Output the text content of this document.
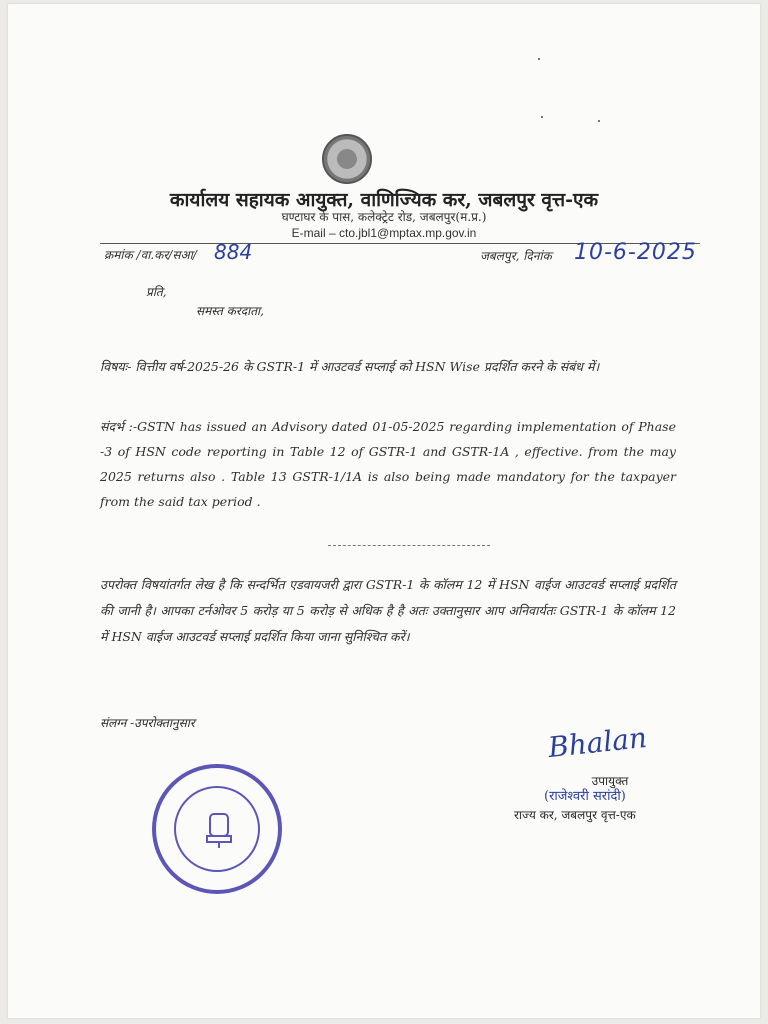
कार्यालय सहायक आयुक्त, वाणिज्यिक कर, जबलपुर वृत्त-एक
घण्टाघर के पास, कलेक्ट्रेट रोड, जबलपुर(म.प्र.)
E-mail – cto.jbl1@mptax.mp.gov.in
क्रमांक /वा.कर/सआ/ 884	जबलपुर, दिनांक 10-6-2025
प्रति,
समस्त करदाता,
विषयः- वित्तीय वर्ष-2025-26 के GSTR-1 में आउटवर्ड सप्लाई को HSN Wise प्रदर्शित करने के संबंध में।
संदर्भ :-GSTN has issued an Advisory dated 01-05-2025 regarding implementation of Phase -3 of HSN code reporting in Table 12 of GSTR-1 and GSTR-1A , effective. from the may 2025 returns also . Table 13 GSTR-1/1A is also being made mandatory for the taxpayer from the said tax period .
उपरोक्त विषयांतर्गत लेख है कि सन्दर्भित एडवायजरी द्वारा GSTR-1 के कॉलम 12 में HSN वाईज आउटवर्ड सप्लाई प्रदर्शित की जानी है। आपका टर्नओवर 5 करोड़ या 5 करोड़ से अधिक है है अतः उक्तानुसार आप अनिवार्यतः GSTR-1 के कॉलम 12 में HSN वाईज आउटवर्ड सप्लाई प्रदर्शित किया जाना सुनिश्चित करें।
संलग्न -उपरोक्तानुसार	Bhalan
उपायुक्त
(राजेश्वरी सरांदी)
राज्य कर, जबलपुर वृत्त-एक
